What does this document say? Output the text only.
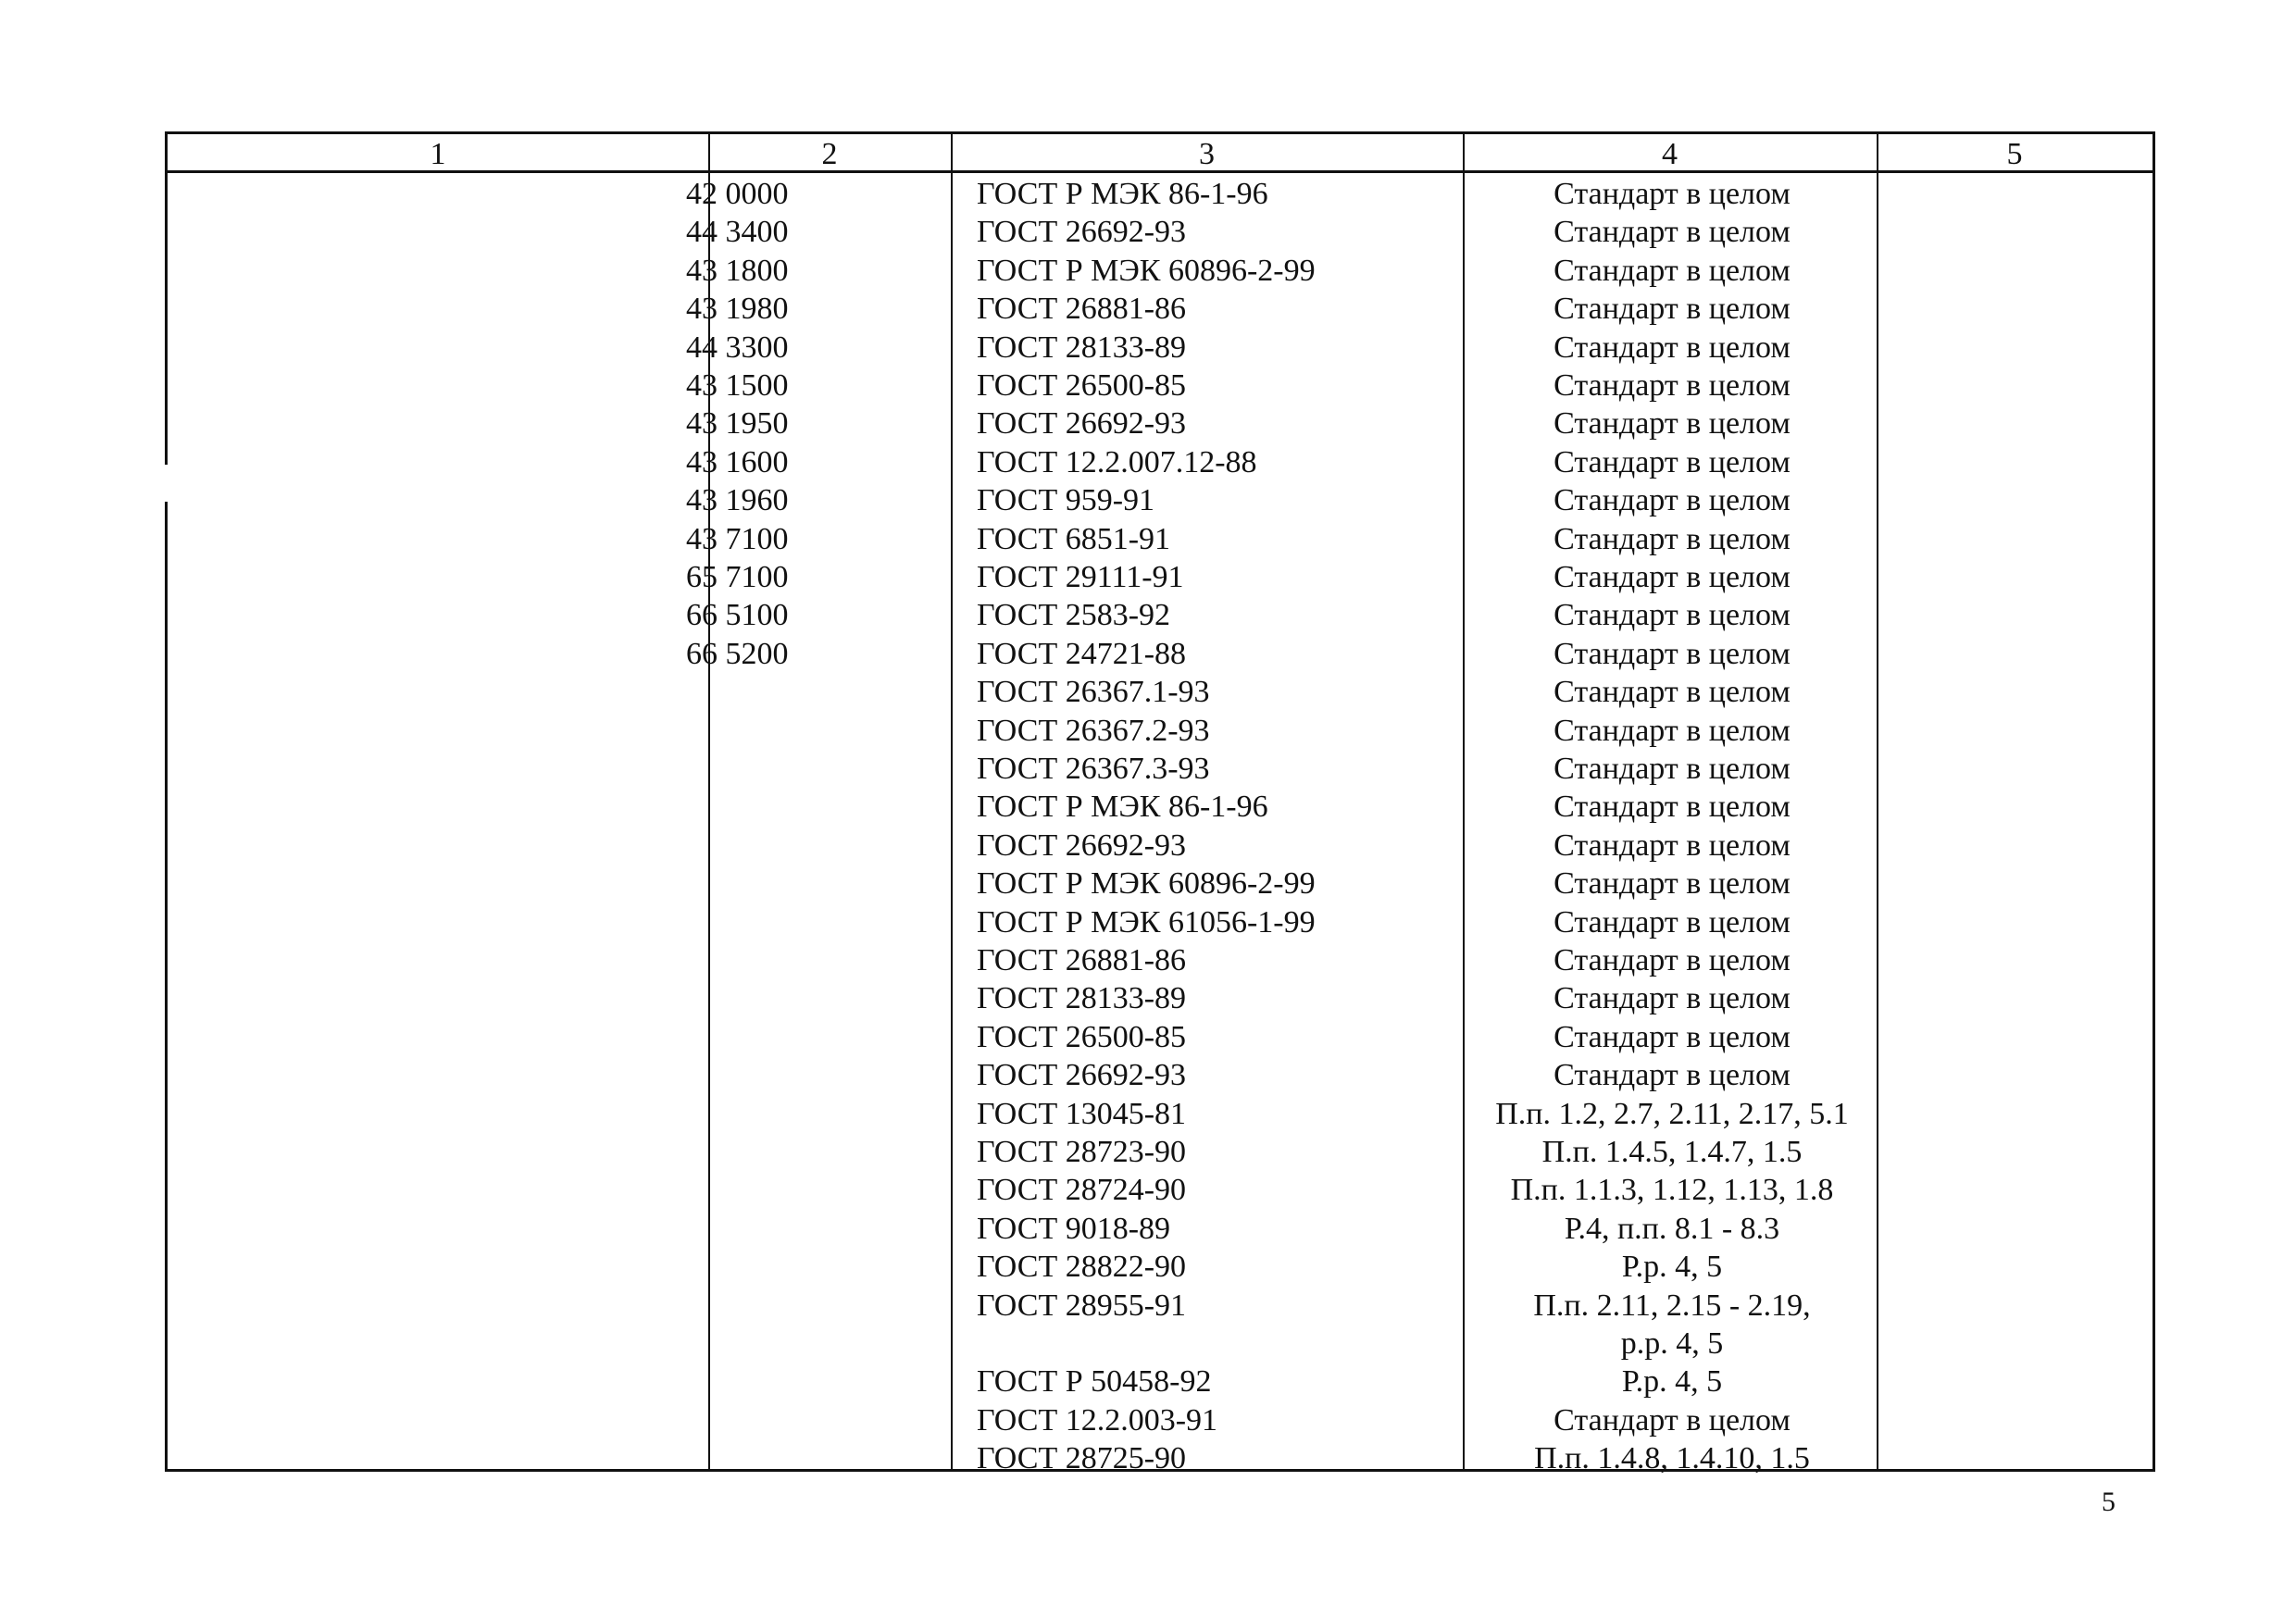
1	2	3	4	5
42 0000	ГОСТ Р МЭК 86-1-96	Стандарт в целом
44 3400	ГОСТ 26692-93	Стандарт в целом
43 1800	ГОСТ Р МЭК 60896-2-99	Стандарт в целом
43 1980	ГОСТ 26881-86	Стандарт в целом
44 3300	ГОСТ 28133-89	Стандарт в целом
43 1500	ГОСТ 26500-85	Стандарт в целом
43 1950	ГОСТ 26692-93	Стандарт в целом
43 1600	ГОСТ 12.2.007.12-88	Стандарт в целом
43 1960	ГОСТ 959-91	Стандарт в целом
43 7100	ГОСТ 6851-91	Стандарт в целом
65 7100	ГОСТ 29111-91	Стандарт в целом
66 5100	ГОСТ 2583-92	Стандарт в целом
66 5200	ГОСТ 24721-88	Стандарт в целом
ГОСТ 26367.1-93	Стандарт в целом
ГОСТ 26367.2-93	Стандарт в целом
ГОСТ 26367.3-93	Стандарт в целом
ГОСТ Р МЭК 86-1-96	Стандарт в целом
ГОСТ 26692-93	Стандарт в целом
ГОСТ Р МЭК 60896-2-99	Стандарт в целом
ГОСТ Р МЭК 61056-1-99	Стандарт в целом
ГОСТ 26881-86	Стандарт в целом
ГОСТ 28133-89	Стандарт в целом
ГОСТ 26500-85	Стандарт в целом
ГОСТ 26692-93	Стандарт в целом
ГОСТ 13045-81	П.п. 1.2, 2.7, 2.11, 2.17, 5.1
ГОСТ 28723-90	П.п. 1.4.5, 1.4.7, 1.5
ГОСТ 28724-90	П.п. 1.1.3, 1.12, 1.13, 1.8
ГОСТ 9018-89	Р.4, п.п. 8.1 - 8.3
ГОСТ 28822-90	Р.р. 4, 5
ГОСТ 28955-91	П.п. 2.11, 2.15 - 2.19,
р.р. 4, 5
ГОСТ Р 50458-92	Р.р. 4, 5
ГОСТ 12.2.003-91	Стандарт в целом
ГОСТ 28725-90	П.п. 1.4.8, 1.4.10, 1.5
5
